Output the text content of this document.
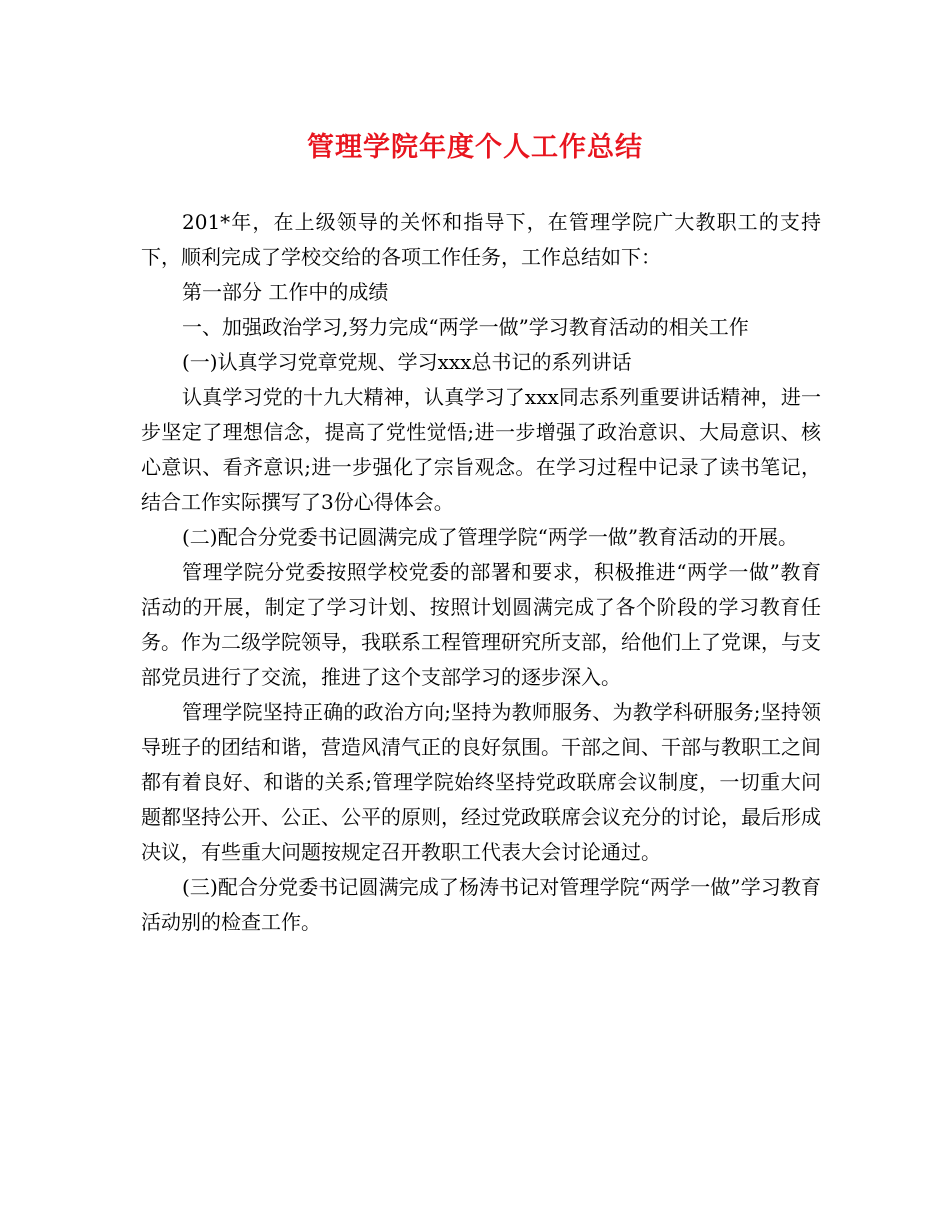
管理学院年度个人工作总结

201*年，在上级领导的关怀和指导下，在管理学院广大教职工的支持下，顺利完成了学校交给的各项工作任务，工作总结如下：

第一部分 工作中的成绩

一、加强政治学习,努力完成“两学一做”学习教育活动的相关工作

(一)认真学习党章党规、学习xxx总书记的系列讲话

认真学习党的十九大精神，认真学习了xxx同志系列重要讲话精神，进一步坚定了理想信念，提高了党性觉悟;进一步增强了政治意识、大局意识、核心意识、看齐意识;进一步强化了宗旨观念。在学习过程中记录了读书笔记，结合工作实际撰写了3份心得体会。

(二)配合分党委书记圆满完成了管理学院“两学一做”教育活动的开展。

管理学院分党委按照学校党委的部署和要求，积极推进“两学一做”教育活动的开展，制定了学习计划、按照计划圆满完成了各个阶段的学习教育任务。作为二级学院领导，我联系工程管理研究所支部，给他们上了党课，与支部党员进行了交流，推进了这个支部学习的逐步深入。

管理学院坚持正确的政治方向;坚持为教师服务、为教学科研服务;坚持领导班子的团结和谐，营造风清气正的良好氛围。干部之间、干部与教职工之间都有着良好、和谐的关系;管理学院始终坚持党政联席会议制度，一切重大问题都坚持公开、公正、公平的原则，经过党政联席会议充分的讨论，最后形成决议，有些重大问题按规定召开教职工代表大会讨论通过。

(三)配合分党委书记圆满完成了杨涛书记对管理学院“两学一做”学习教育活动别的检查工作。
